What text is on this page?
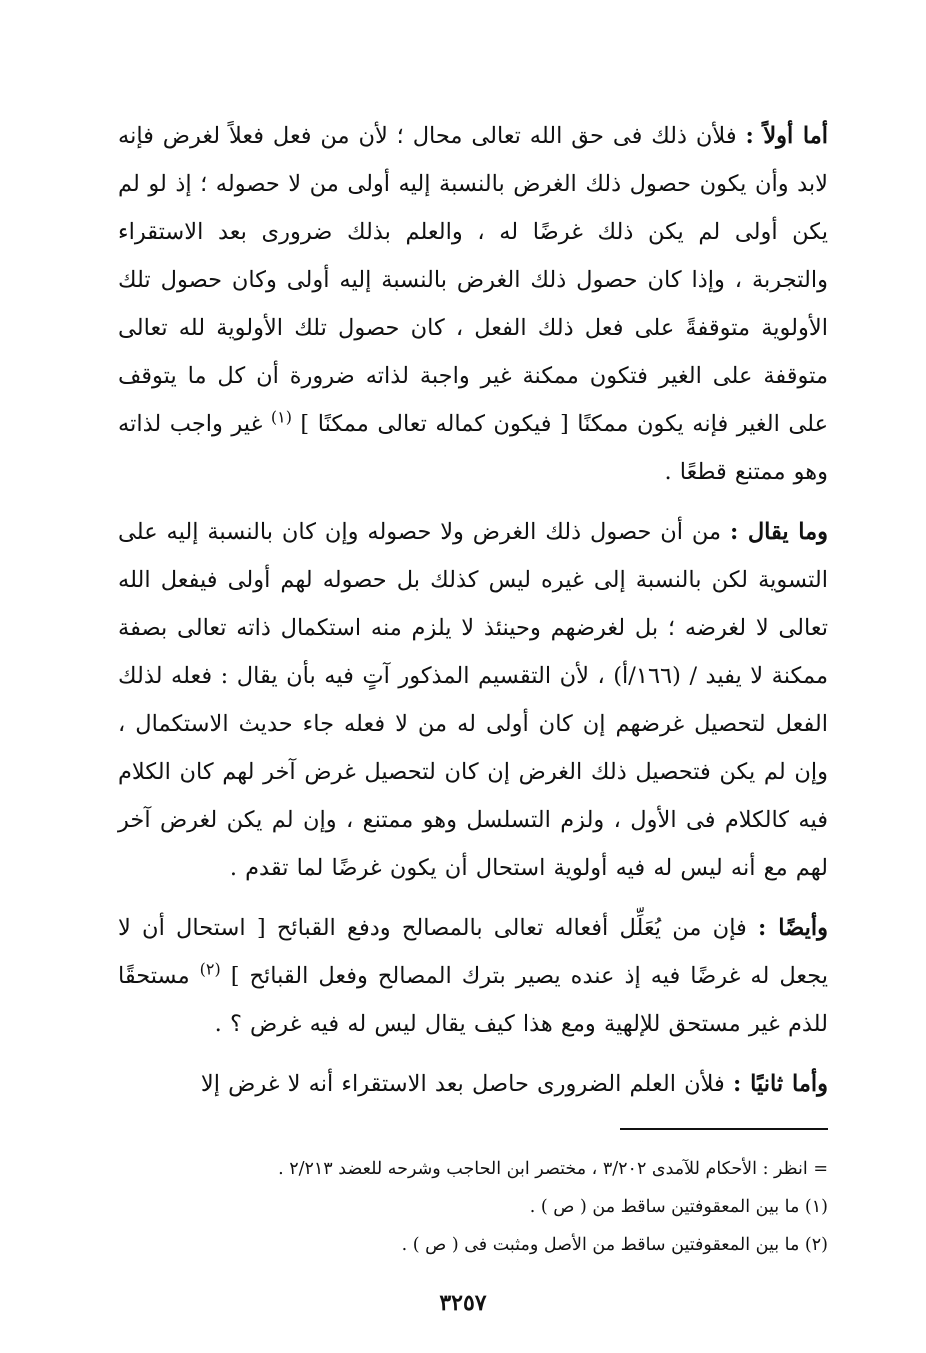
أما أولاً : فلأن ذلك فى حق الله تعالى محال ؛ لأن من فعل فعلاً لغرض فإنه لابد وأن يكون حصول ذلك الغرض بالنسبة إليه أولى من لا حصوله ؛ إذ لو لم يكن أولى لم يكن ذلك غرضًا له ، والعلم بذلك ضرورى بعد الاستقراء والتجربة ، وإذا كان حصول ذلك الغرض بالنسبة إليه أولى وكان حصول تلك الأولوية متوقفةً على فعل ذلك الفعل ، كان حصول تلك الأولوية لله تعالى متوقفة على الغير فتكون ممكنة غير واجبة لذاته ضرورة أن كل ما يتوقف على الغير فإنه يكون ممكنًا [ فيكون كماله تعالى ممكنًا ] $^{(١)}$ غير واجب لذاته وهو ممتنع قطعًا .

وما يقال : من أن حصول ذلك الغرض ولا حصوله وإن كان بالنسبة إليه على التسوية لكن بالنسبة إلى غيره ليس كذلك بل حصوله لهم أولى فيفعل الله تعالى لا لغرضه ؛ بل لغرضهم وحينئذ لا يلزم منه استكمال ذاته تعالى بصفة ممكنة لا يفيد / (١٦٦/أ) ، لأن التقسيم المذكور آتٍ فيه بأن يقال : فعله لذلك الفعل لتحصيل غرضهم إن كان أولى له من لا فعله جاء حديث الاستكمال ، وإن لم يكن فتحصيل ذلك الغرض إن كان لتحصيل غرض آخر لهم كان الكلام فيه كالكلام فى الأول ، ولزم التسلسل وهو ممتنع ، وإن لم يكن لغرض آخر لهم مع أنه ليس له فيه أولوية استحال أن يكون غرضًا لما تقدم .

وأيضًا : فإن من يُعَلِّل أفعاله تعالى بالمصالح ودفع القبائح [ استحال أن لا يجعل له غرضًا فيه إذ عنده يصير بترك المصالح وفعل القبائح ] $^{(٢)}$ مستحقًا للذم غير مستحق للإلهية ومع هذا كيف يقال ليس له فيه غرض ؟ .

وأما ثانيًا : فلأن العلم الضرورى حاصل بعد الاستقراء أنه لا غرض إلا

= انظر : الأحكام للآمدى ٣/٢٠٢ ، مختصر ابن الحاجب وشرحه للعضد ٢/٢١٣ .
(١) ما بين المعقوفتين ساقط من ( ص ) .
(٢) ما بين المعقوفتين ساقط من الأصل ومثبت فى ( ص ) .
٣٢٥٧
